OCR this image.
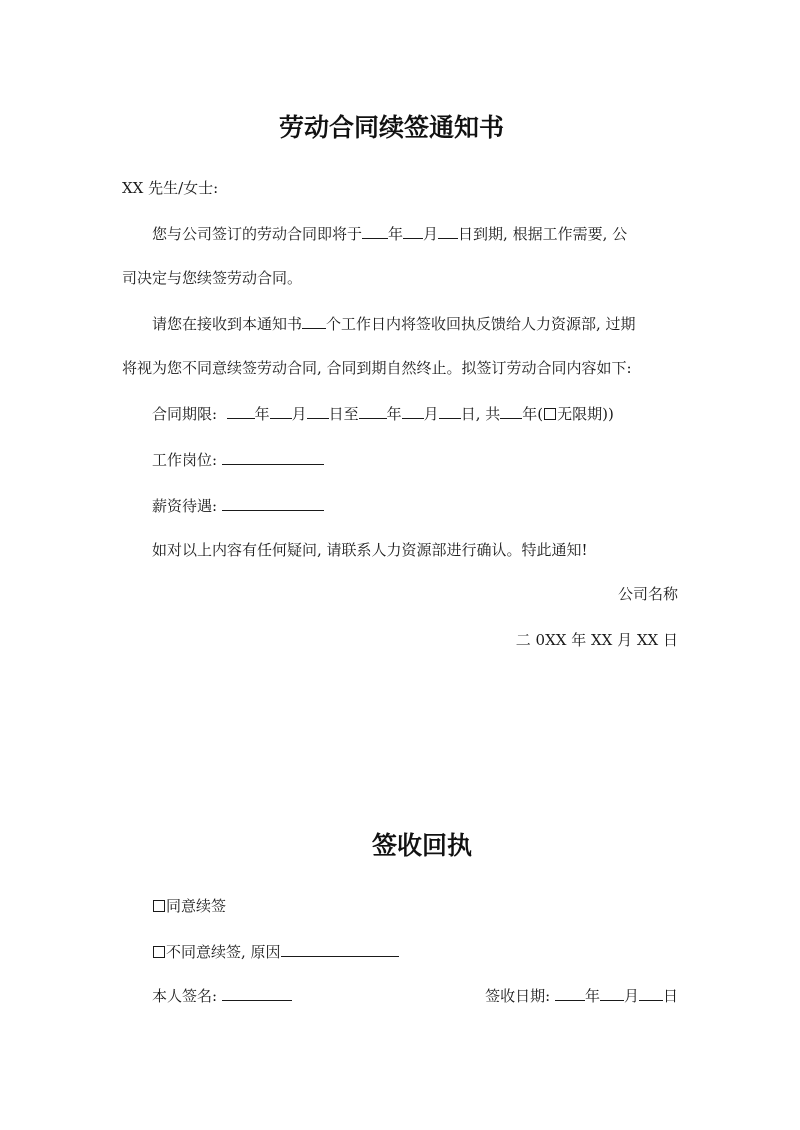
劳动合同续签通知书
XX 先生/女士:
您与公司签订的劳动合同即将于 年 月 日到期, 根据工作需要, 公
司决定与您续签劳动合同。
请您在接收到本通知书 个工作日内将签收回执反馈给人力资源部, 过期
将视为您不同意续签劳动合同, 合同到期自然终止。拟签订劳动合同内容如下:
合同期限:	年 月 日至 年 月 日, 共 年( 无限期))
工作岗位:
薪资待遇:
如对以上内容有任何疑问, 请联系人力资源部进行确认。特此通知!
公司名称
二 0XX 年 XX 月 XX 日
签收回执
同意续签
不同意续签, 原因
本人签名:	签收日期: 年 月 日
